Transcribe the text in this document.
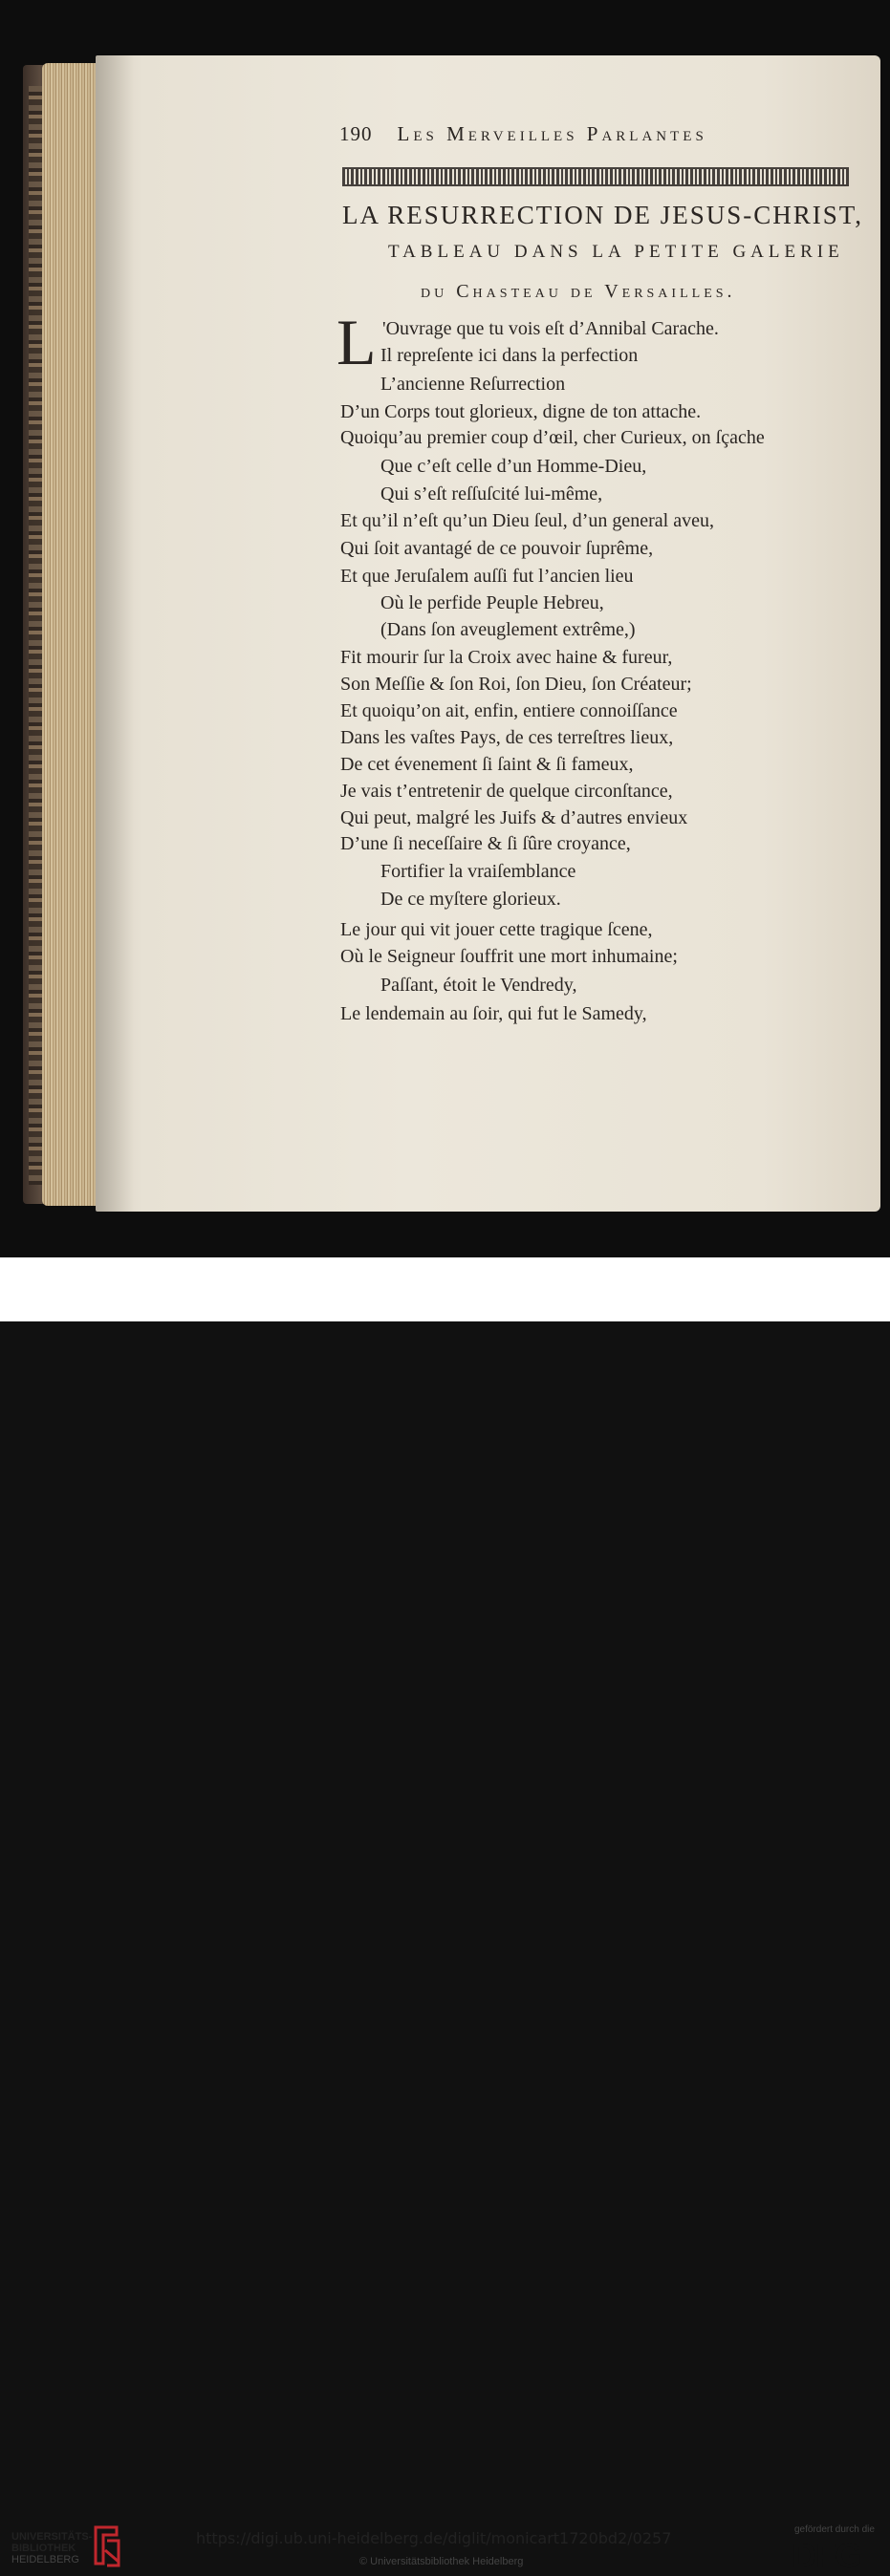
190 Les Merveilles Parlantes
LA RESURRECTION DE JESUS-CHRIST,
TABLEAU DANS LA PETITE GALERIE
du Chasteau de Versailles.
L 'Ouvrage que tu vois eſt d’Annibal Carache.
Il repreſente ici dans la perfection
L’ancienne Reſurrection
D’un Corps tout glorieux, digne de ton attache.
Quoiqu’au premier coup d’œil, cher Curieux, on ſçache
Que c’eſt celle d’un Homme-Dieu,
Qui s’eſt reſſuſcité lui-même,
Et qu’il n’eſt qu’un Dieu ſeul, d’un general aveu,
Qui ſoit avantagé de ce pouvoir ſuprême,
Et que Jeruſalem auſſi fut l’ancien lieu
Où le perfide Peuple Hebreu,
(Dans ſon aveuglement extrême,)
Fit mourir ſur la Croix avec haine & fureur,
Son Meſſie & ſon Roi, ſon Dieu, ſon Créateur;
Et quoiqu’on ait, enfin, entiere connoiſſance
Dans les vaſtes Pays, de ces terreſtres lieux,
De cet évenement ſi ſaint & ſi fameux,
Je vais t’entretenir de quelque circonſtance,
Qui peut, malgré les Juifs & d’autres envieux
D’une ſi neceſſaire & ſi ſûre croyance,
Fortifier la vraiſemblance
De ce myſtere glorieux.
Le jour qui vit jouer cette tragique ſcene,
Où le Seigneur ſouffrit une mort inhumaine;
Paſſant, étoit le Vendredy,
Le lendemain au ſoir, qui fut le Samedy,
UNIVERSITÄTS-
BIBLIOTHEK
HEIDELBERG
https://digi.ub.uni-heidelberg.de/diglit/monicart1720bd2/0257
© Universitätsbibliothek Heidelberg
gefördert durch die
DFG
